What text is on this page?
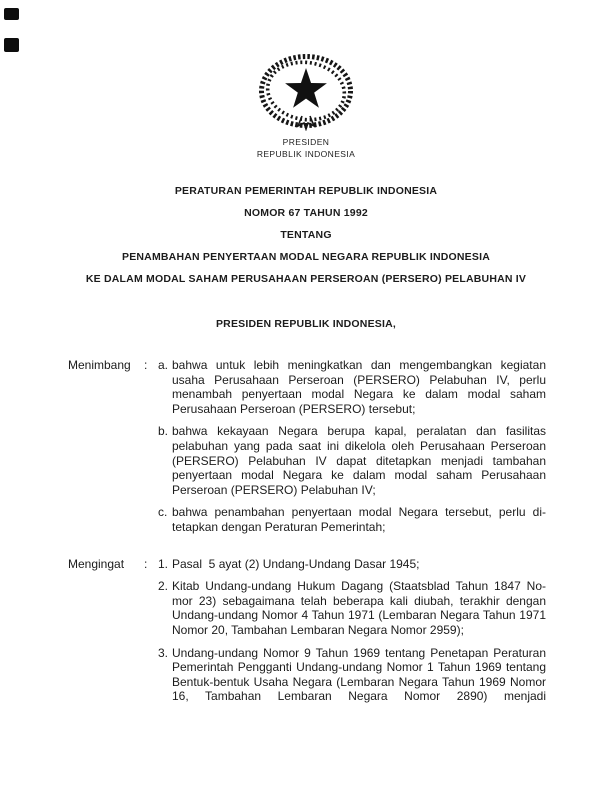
PRESIDEN
REPUBLIK INDONESIA
PERATURAN PEMERINTAH REPUBLIK INDONESIA
NOMOR 67 TAHUN 1992
TENTANG
PENAMBAHAN PENYERTAAN MODAL NEGARA REPUBLIK INDONESIA
KE DALAM MODAL SAHAM PERUSAHAAN PERSEROAN (PERSERO) PELABUHAN IV
PRESIDEN REPUBLIK INDONESIA,
Menimbang	: a. bahwa untuk lebih meningkatkan dan mengembangkan kegiatan usaha Perusahaan Perseroan (PERSERO) Pelabuhan IV, perlu menambah penyertaan modal Negara ke dalam modal saham Perusahaan Perseroan (PERSERO) tersebut;
b. bahwa kekayaan Negara berupa kapal, peralatan dan fasilitas pelabuhan yang pada saat ini dikelola oleh Perusahaan Perseroan (PERSERO) Pelabuhan IV dapat ditetapkan menjadi tambahan penyertaan modal Negara ke dalam modal saham Perusahaan Perseroan (PERSERO) Pelabuhan IV;
c. bahwa penambahan penyertaan modal Negara tersebut, perlu di-tetapkan dengan Peraturan Pemerintah;
Mengingat	: 1. Pasal  5 ayat (2) Undang-Undang Dasar 1945;
2. Kitab Undang-undang Hukum Dagang (Staatsblad Tahun 1847 No-mor 23) sebagaimana telah beberapa kali diubah, terakhir dengan Undang-undang Nomor 4 Tahun 1971 (Lembaran Negara Tahun 1971 Nomor 20, Tambahan Lembaran Negara Nomor 2959);
3. Undang-undang Nomor 9 Tahun 1969 tentang Penetapan Peraturan Pemerintah Pengganti Undang-undang Nomor 1 Tahun 1969 tentang Bentuk-bentuk Usaha Negara (Lembaran Negara Tahun 1969 Nomor 16, Tambahan Lembaran Negara Nomor 2890) menjadi
